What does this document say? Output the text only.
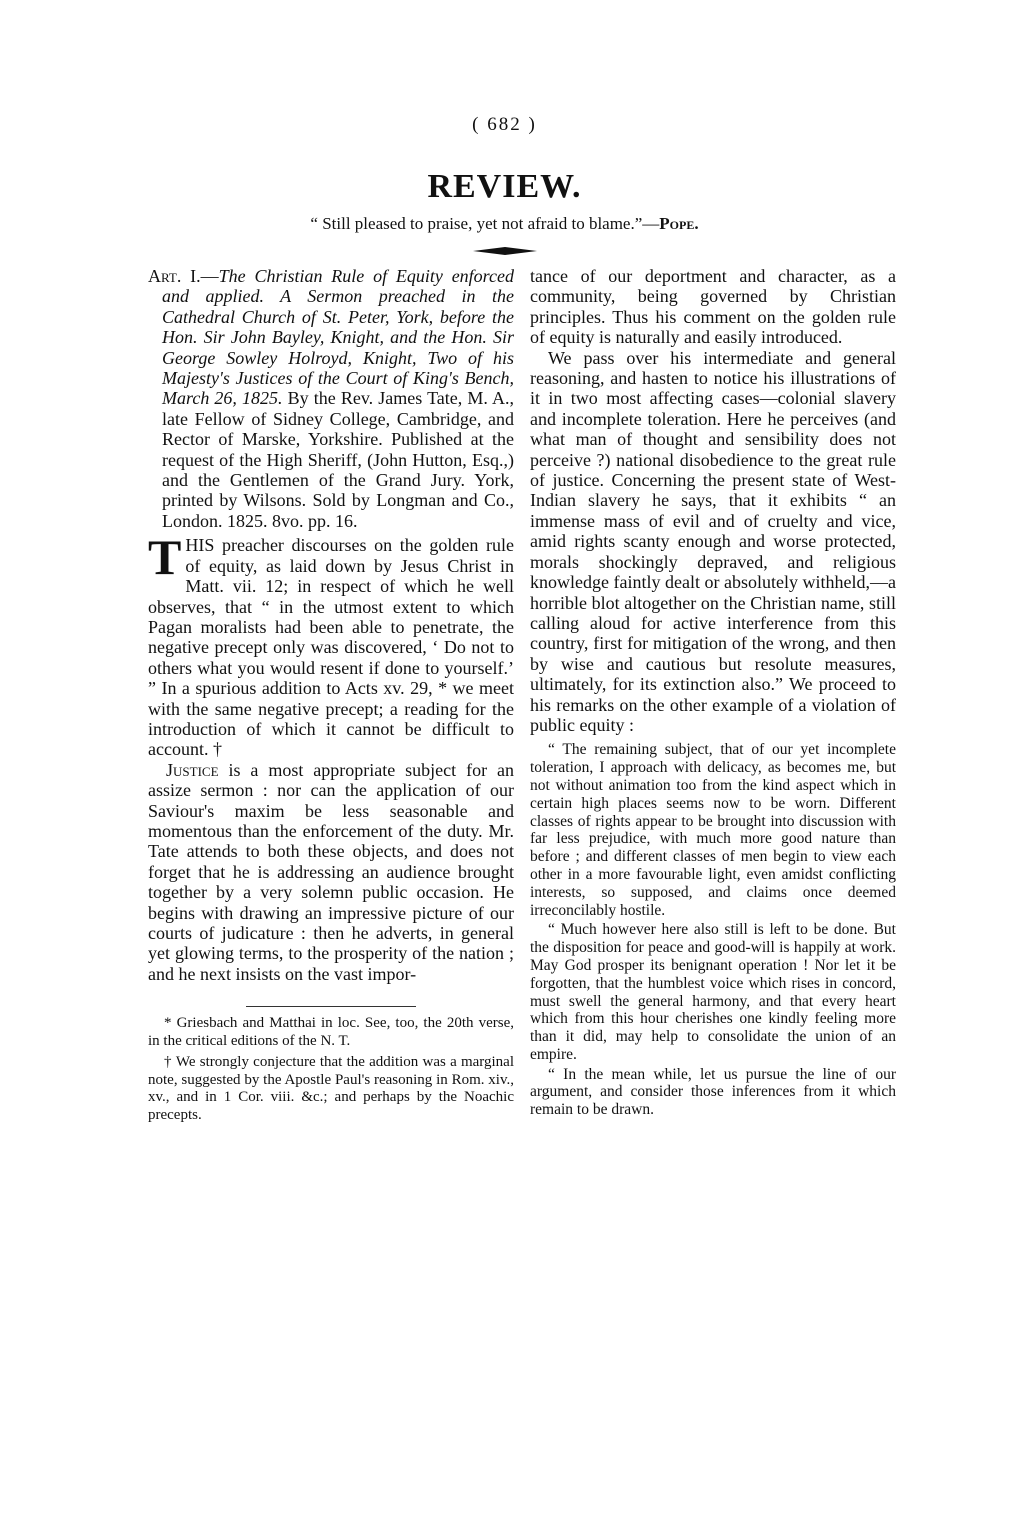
( 682 )
REVIEW.
“ Still pleased to praise, yet not afraid to blame.”—Pope.

Art. I.—The Christian Rule of Equity enforced and applied. A Sermon preached in the Cathedral Church of St. Peter, York, before the Hon. Sir John Bayley, Knight, and the Hon. Sir George Sowley Holroyd, Knight, Two of his Majesty's Justices of the Court of King's Bench, March 26, 1825. By the Rev. James Tate, M. A., late Fellow of Sidney College, Cambridge, and Rector of Marske, Yorkshire. Published at the request of the High Sheriff, (John Hutton, Esq.,) and the Gentlemen of the Grand Jury. York, printed by Wilsons. Sold by Longman and Co., London. 1825. 8vo. pp. 16.

THIS preacher discourses on the golden rule of equity, as laid down by Jesus Christ in Matt. vii. 12; in respect of which he well observes, that “ in the utmost extent to which Pagan moralists had been able to penetrate, the negative precept only was discovered, ‘ Do not to others what you would resent if done to yourself.’ ” In a spurious addition to Acts xv. 29, * we meet with the same negative precept; a reading for the introduction of which it cannot be difficult to account. †

Justice is a most appropriate subject for an assize sermon : nor can the application of our Saviour's maxim be less seasonable and momentous than the enforcement of the duty. Mr. Tate attends to both these objects, and does not forget that he is addressing an audience brought together by a very solemn public occasion. He begins with drawing an impressive picture of our courts of judicature : then he adverts, in general yet glowing terms, to the prosperity of the nation ; and he next insists on the vast impor-

* Griesbach and Matthai in loc. See, too, the 20th verse, in the critical editions of the N. T.

† We strongly conjecture that the addition was a marginal note, suggested by the Apostle Paul's reasoning in Rom. xiv., xv., and in 1 Cor. viii. &c.; and perhaps by the Noachic precepts.

tance of our deportment and character, as a community, being governed by Christian principles. Thus his comment on the golden rule of equity is naturally and easily introduced.

We pass over his intermediate and general reasoning, and hasten to notice his illustrations of it in two most affecting cases—colonial slavery and incomplete toleration. Here he perceives (and what man of thought and sensibility does not perceive ?) national disobedience to the great rule of justice. Concerning the present state of West-Indian slavery he says, that it exhibits “ an immense mass of evil and of cruelty and vice, amid rights scanty enough and worse protected, morals shockingly depraved, and religious knowledge faintly dealt or absolutely withheld,—a horrible blot altogether on the Christian name, still calling aloud for active interference from this country, first for mitigation of the wrong, and then by wise and cautious but resolute measures, ultimately, for its extinction also.” We proceed to his remarks on the other example of a violation of public equity :

“ The remaining subject, that of our yet incomplete toleration, I approach with delicacy, as becomes me, but not without animation too from the kind aspect which in certain high places seems now to be worn. Different classes of rights appear to be brought into discussion with far less prejudice, with much more good nature than before ; and different classes of men begin to view each other in a more favourable light, even amidst conflicting interests, so supposed, and claims once deemed irreconcilably hostile.

“ Much however here also still is left to be done. But the disposition for peace and good-will is happily at work. May God prosper its benignant operation ! Nor let it be forgotten, that the humblest voice which rises in concord, must swell the general harmony, and that every heart which from this hour cherishes one kindly feeling more than it did, may help to consolidate the union of an empire.

“ In the mean while, let us pursue the line of our argument, and consider those inferences from it which remain to be drawn.
